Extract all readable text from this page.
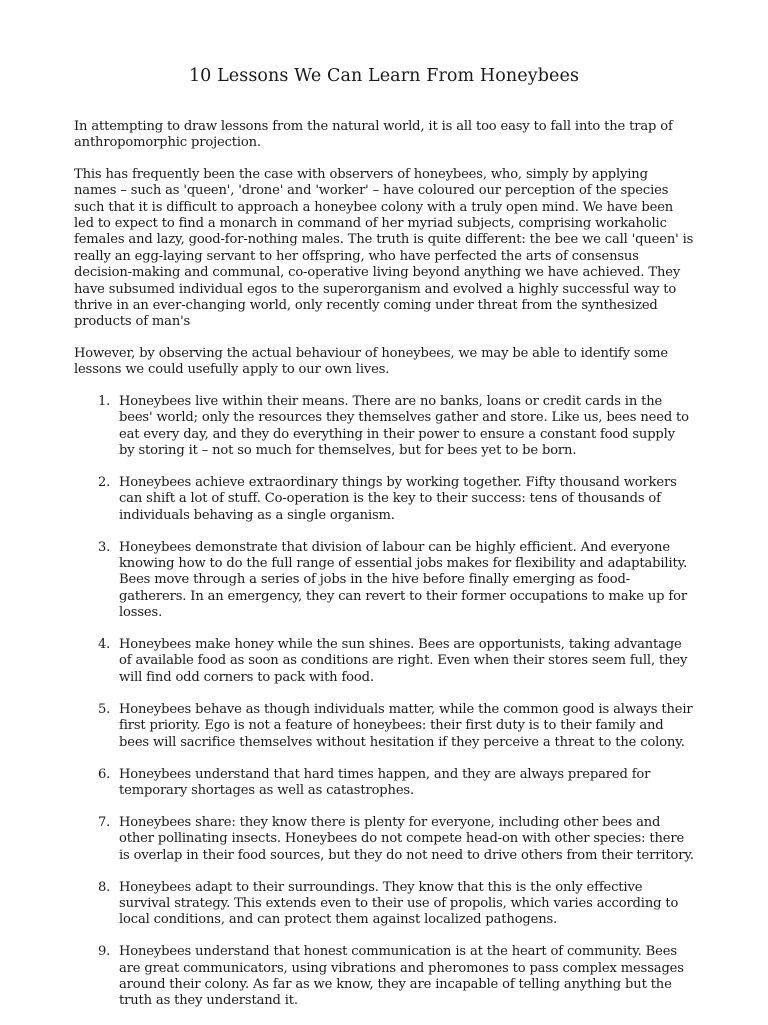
10 Lessons We Can Learn From Honeybees

In attempting to draw lessons from the natural world, it is all too easy to fall into the trap of anthropomorphic projection.

This has frequently been the case with observers of honeybees, who, simply by applying names – such as 'queen', 'drone' and 'worker' – have coloured our perception of the species such that it is difficult to approach a honeybee colony with a truly open mind. We have been led to expect to find a monarch in command of her myriad subjects, comprising workaholic females and lazy, good-for-nothing males. The truth is quite different: the bee we call 'queen' is really an egg-laying servant to her offspring, who have perfected the arts of consensus decision-making and communal, co-operative living beyond anything we have achieved. They have subsumed individual egos to the superorganism and evolved a highly successful way to thrive in an ever-changing world, only recently coming under threat from the synthesized products of man's

However, by observing the actual behaviour of honeybees, we may be able to identify some lessons we could usefully apply to our own lives.

1. Honeybees live within their means. There are no banks, loans or credit cards in the bees' world; only the resources they themselves gather and store. Like us, bees need to eat every day, and they do everything in their power to ensure a constant food supply by storing it – not so much for themselves, but for bees yet to be born.
2. Honeybees achieve extraordinary things by working together. Fifty thousand workers can shift a lot of stuff. Co-operation is the key to their success: tens of thousands of individuals behaving as a single organism.
3. Honeybees demonstrate that division of labour can be highly efficient. And everyone knowing how to do the full range of essential jobs makes for flexibility and adaptability. Bees move through a series of jobs in the hive before finally emerging as food-gatherers. In an emergency, they can revert to their former occupations to make up for losses.
4. Honeybees make honey while the sun shines. Bees are opportunists, taking advantage of available food as soon as conditions are right. Even when their stores seem full, they will find odd corners to pack with food.
5. Honeybees behave as though individuals matter, while the common good is always their first priority. Ego is not a feature of honeybees: their first duty is to their family and bees will sacrifice themselves without hesitation if they perceive a threat to the colony.
6. Honeybees understand that hard times happen, and they are always prepared for temporary shortages as well as catastrophes.
7. Honeybees share: they know there is plenty for everyone, including other bees and other pollinating insects. Honeybees do not compete head-on with other species: there is overlap in their food sources, but they do not need to drive others from their territory.
8. Honeybees adapt to their surroundings. They know that this is the only effective survival strategy. This extends even to their use of propolis, which varies according to local conditions, and can protect them against localized pathogens.
9. Honeybees understand that honest communication is at the heart of community. Bees are great communicators, using vibrations and pheromones to pass complex messages around their colony. As far as we know, they are incapable of telling anything but the truth as they understand it.
